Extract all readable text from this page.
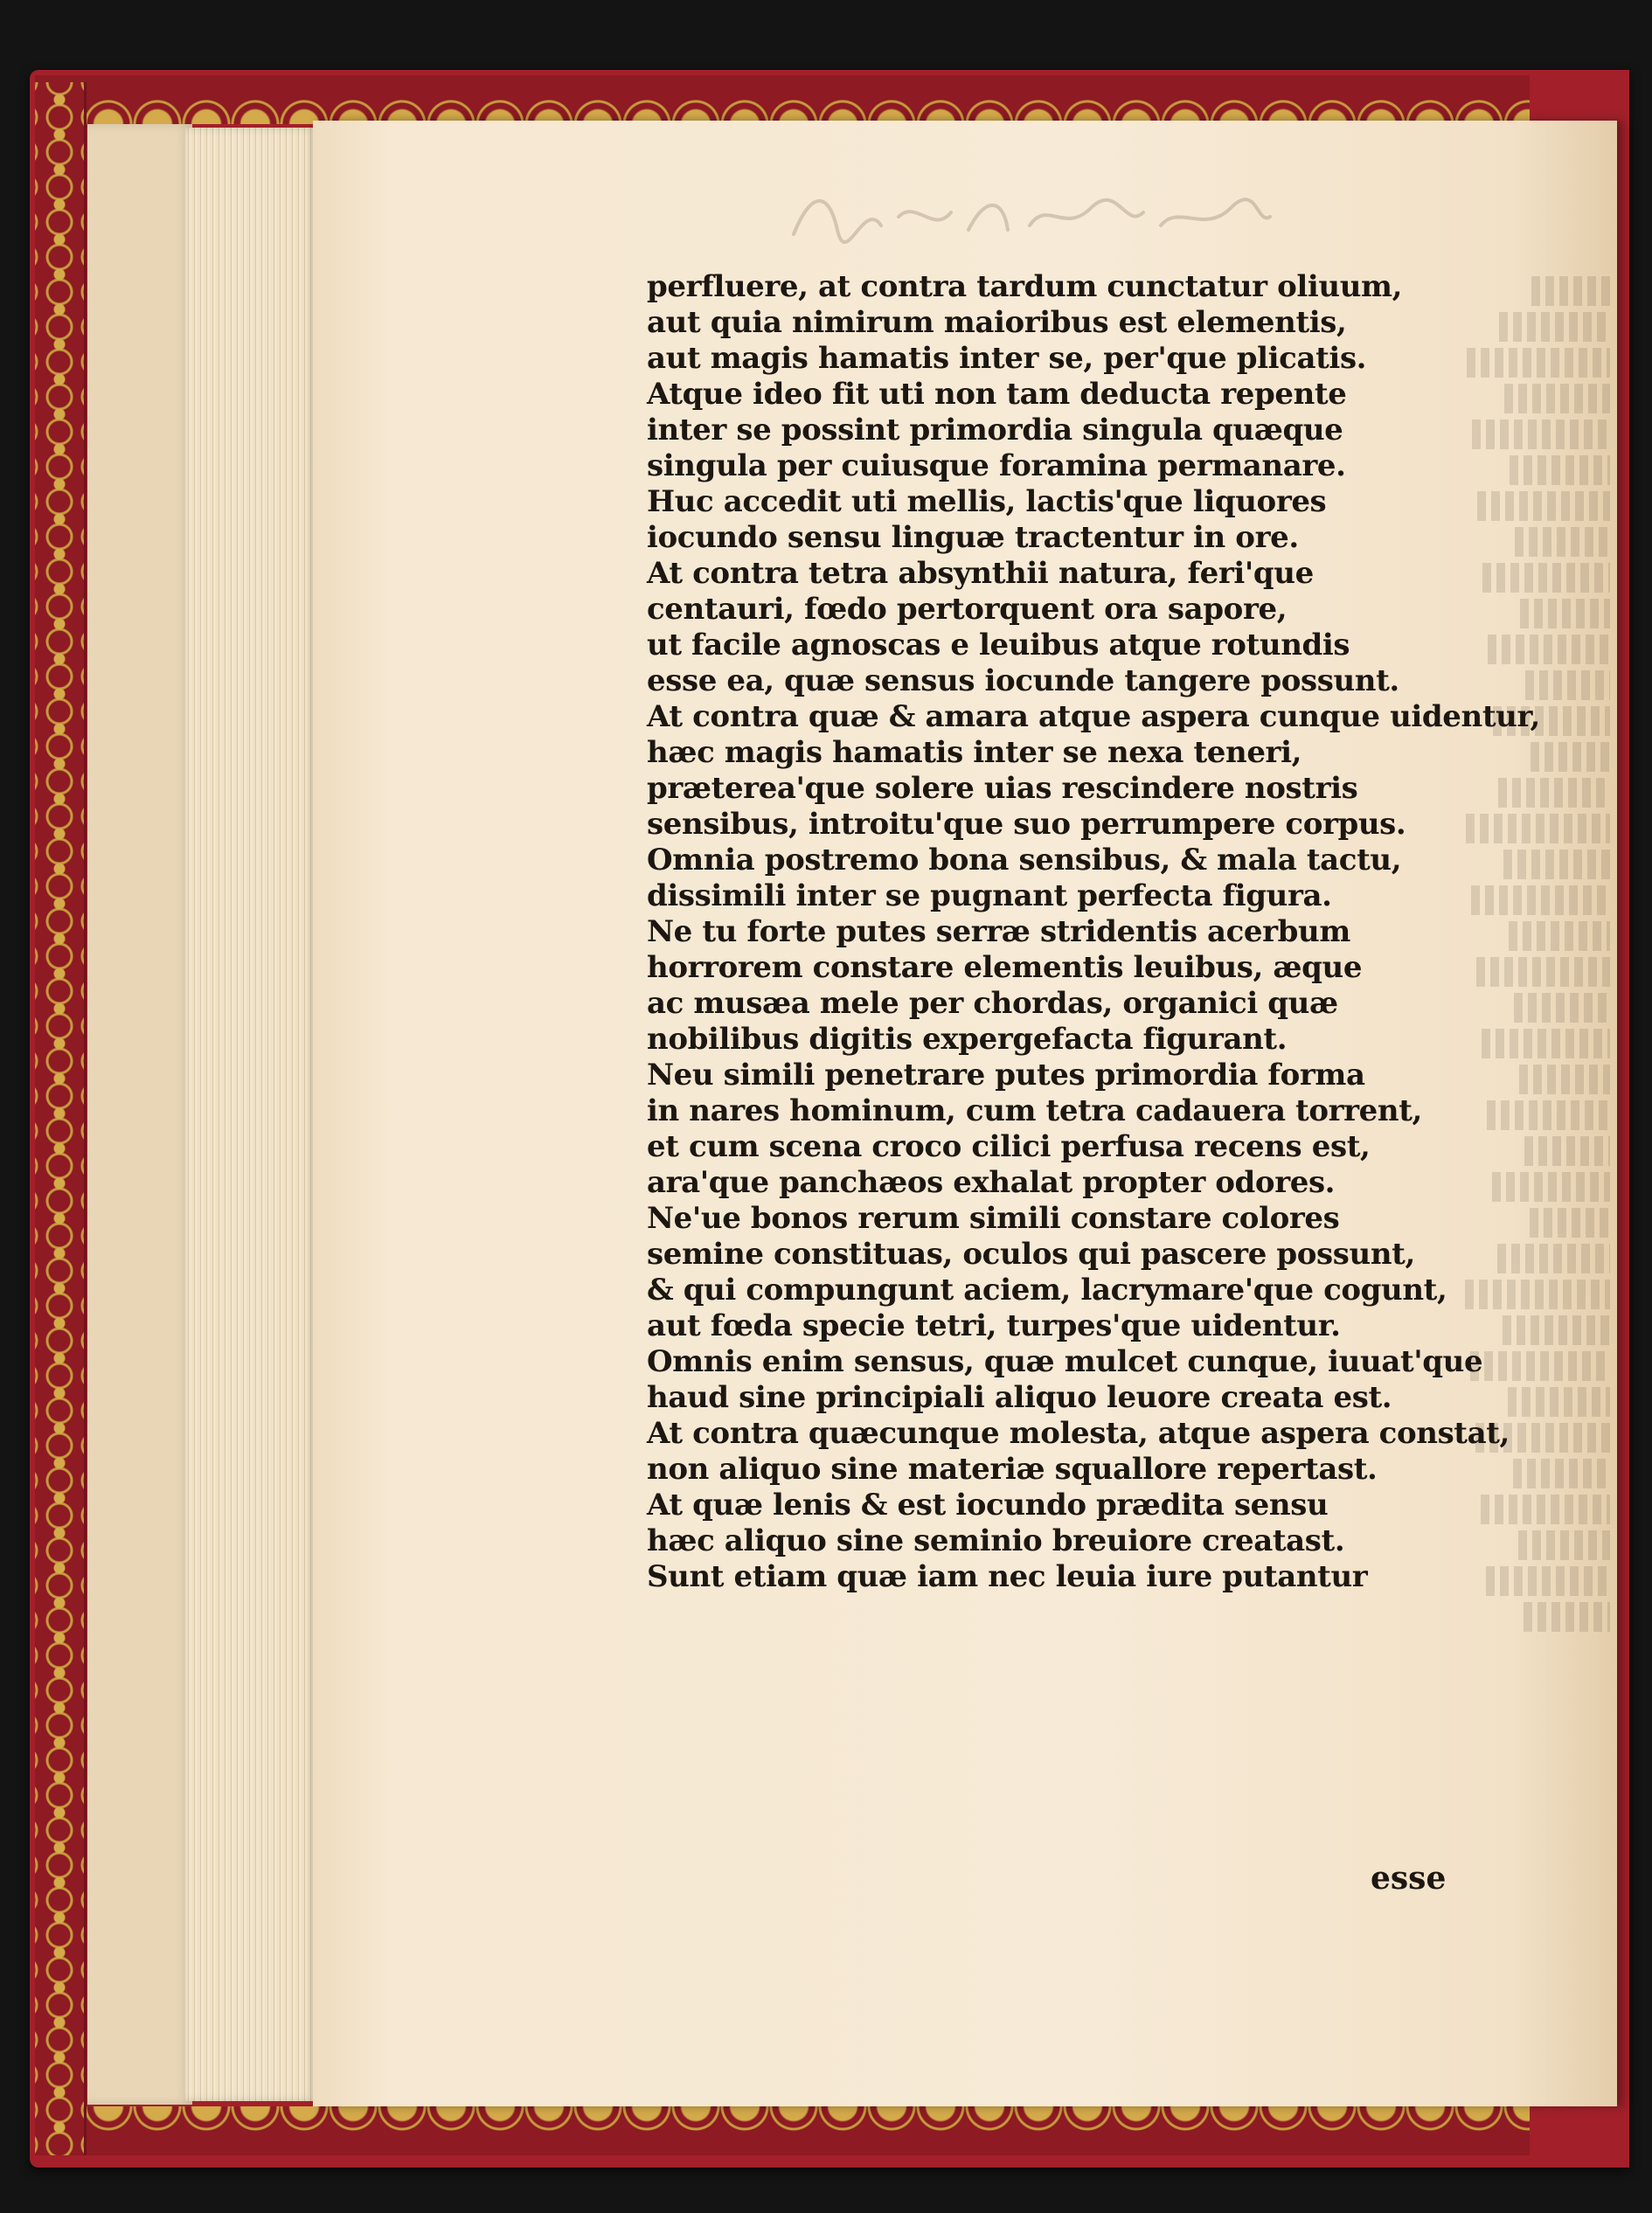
perfluere, at contra tardum cunctatur oliuum,

aut quia nimirum maioribus est elementis,

aut magis hamatis inter se, per'que plicatis.

Atque ideo fit uti non tam deducta repente

inter se possint primordia singula quæque

singula per cuiusque foramina permanare.

Huc accedit uti mellis, lactis'que liquores

iocundo sensu linguæ tractentur in ore.

At contra tetra absynthii natura, feri'que

centauri, fœdo pertorquent ora sapore,

ut facile agnoscas e leuibus atque rotundis

esse ea, quæ sensus iocunde tangere possunt.

At contra quæ & amara atque aspera cunque uidentur,

hæc magis hamatis inter se nexa teneri,

præterea'que solere uias rescindere nostris

sensibus, introitu'que suo perrumpere corpus.

Omnia postremo bona sensibus, & mala tactu,

dissimili inter se pugnant perfecta figura.

Ne tu forte putes serræ stridentis acerbum

horrorem constare elementis leuibus, æque

ac musæa mele per chordas, organici quæ

nobilibus digitis expergefacta figurant.

Neu simili penetrare putes primordia forma

in nares hominum, cum tetra cadauera torrent,

et cum scena croco cilici perfusa recens est,

ara'que panchæos exhalat propter odores.

Ne'ue bonos rerum simili constare colores

semine constituas, oculos qui pascere possunt,

& qui compungunt aciem, lacrymare'que cogunt,

aut fœda specie tetri, turpes'que uidentur.

Omnis enim sensus, quæ mulcet cunque, iuuat'que

haud sine principiali aliquo leuore creata est.

At contra quæcunque molesta, atque aspera constat,

non aliquo sine materiæ squallore repertast.

At quæ lenis & est iocundo prædita sensu

hæc aliquo sine seminio breuiore creatast.

Sunt etiam quæ iam nec leuia iure putantur

esse
